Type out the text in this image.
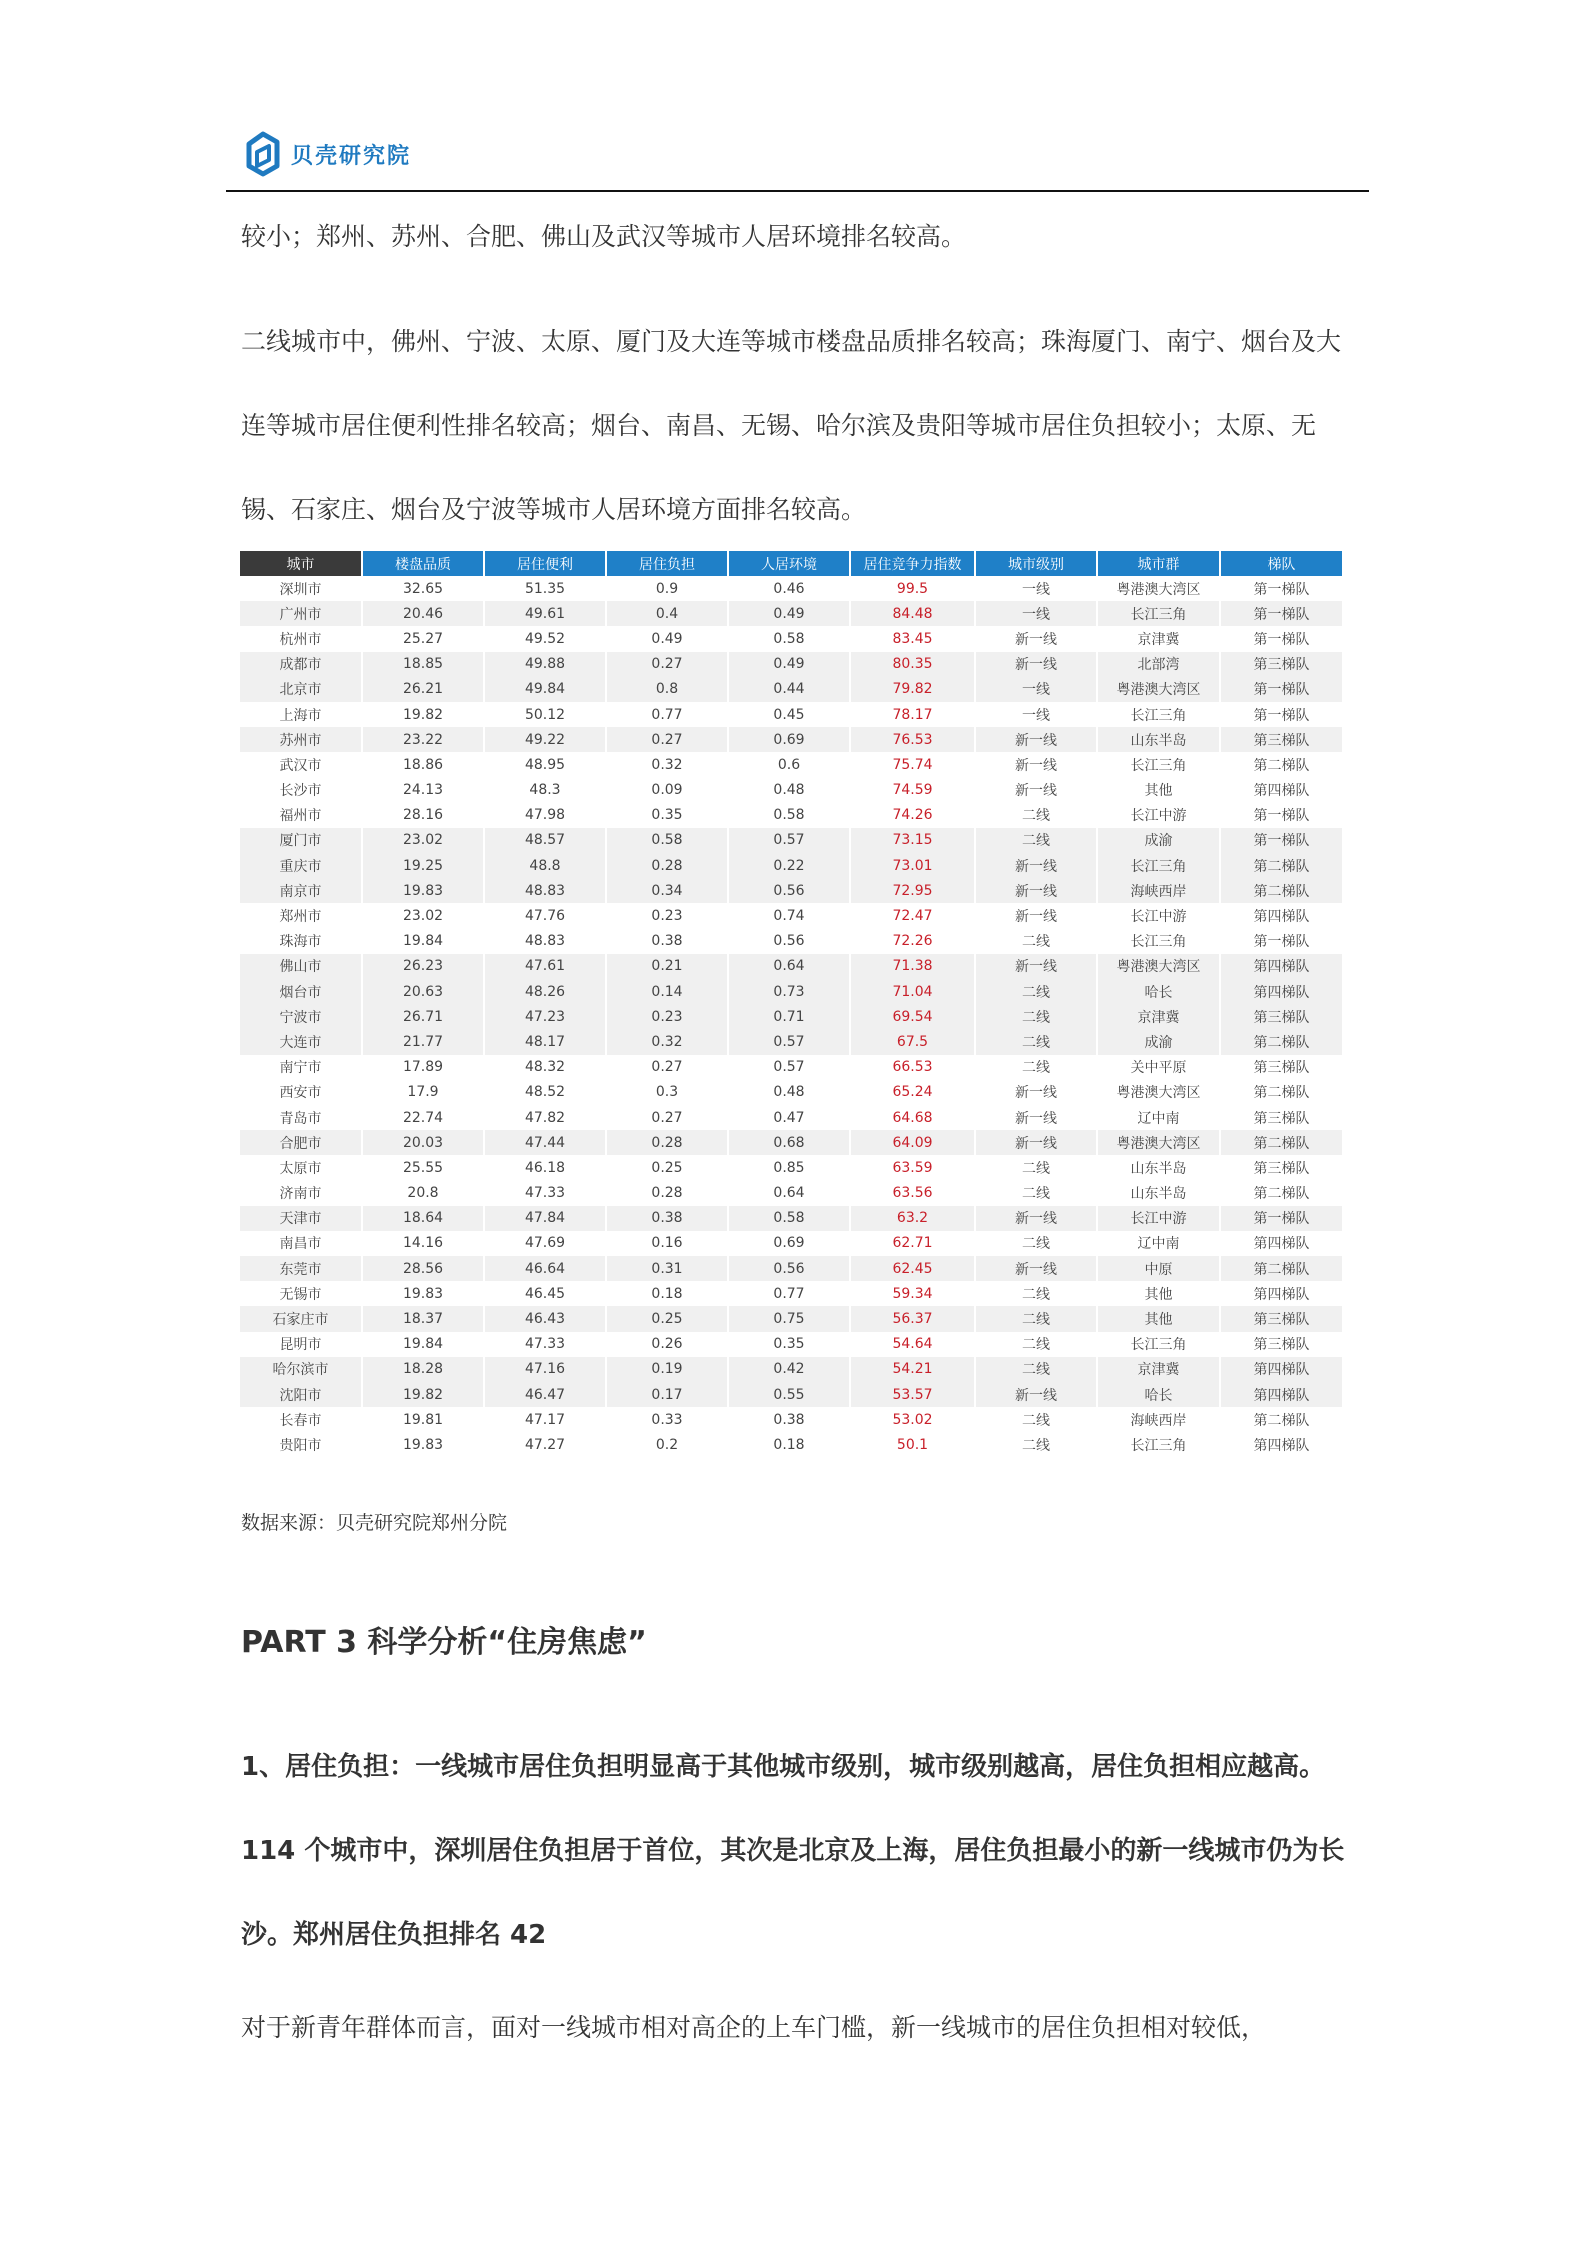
贝壳研究院
较小；郑州、苏州、合肥、佛山及武汉等城市人居环境排名较高。
二线城市中，佛州、宁波、太原、厦门及大连等城市楼盘品质排名较高；珠海厦门、南宁、烟台及大连等城市居住便利性排名较高；烟台、南昌、无锡、哈尔滨及贵阳等城市居住负担较小；太原、无锡、石家庄、烟台及宁波等城市人居环境方面排名较高。
城市	楼盘品质	居住便利	居住负担	人居环境	居住竞争力指数	城市级别	城市群	梯队
深圳市	32.65	51.35	0.9	0.46	99.5	一线	粤港澳大湾区	第一梯队
广州市	20.46	49.61	0.4	0.49	84.48	一线	长江三角	第一梯队
杭州市	25.27	49.52	0.49	0.58	83.45	新一线	京津冀	第一梯队
成都市	18.85	49.88	0.27	0.49	80.35	新一线	北部湾	第三梯队
北京市	26.21	49.84	0.8	0.44	79.82	一线	粤港澳大湾区	第一梯队
上海市	19.82	50.12	0.77	0.45	78.17	一线	长江三角	第一梯队
苏州市	23.22	49.22	0.27	0.69	76.53	新一线	山东半岛	第三梯队
武汉市	18.86	48.95	0.32	0.6	75.74	新一线	长江三角	第二梯队
长沙市	24.13	48.3	0.09	0.48	74.59	新一线	其他	第四梯队
福州市	28.16	47.98	0.35	0.58	74.26	二线	长江中游	第一梯队
厦门市	23.02	48.57	0.58	0.57	73.15	二线	成渝	第一梯队
重庆市	19.25	48.8	0.28	0.22	73.01	新一线	长江三角	第二梯队
南京市	19.83	48.83	0.34	0.56	72.95	新一线	海峡西岸	第二梯队
郑州市	23.02	47.76	0.23	0.74	72.47	新一线	长江中游	第四梯队
珠海市	19.84	48.83	0.38	0.56	72.26	二线	长江三角	第一梯队
佛山市	26.23	47.61	0.21	0.64	71.38	新一线	粤港澳大湾区	第四梯队
烟台市	20.63	48.26	0.14	0.73	71.04	二线	哈长	第四梯队
宁波市	26.71	47.23	0.23	0.71	69.54	二线	京津冀	第三梯队
大连市	21.77	48.17	0.32	0.57	67.5	二线	成渝	第二梯队
南宁市	17.89	48.32	0.27	0.57	66.53	二线	关中平原	第三梯队
西安市	17.9	48.52	0.3	0.48	65.24	新一线	粤港澳大湾区	第二梯队
青岛市	22.74	47.82	0.27	0.47	64.68	新一线	辽中南	第三梯队
合肥市	20.03	47.44	0.28	0.68	64.09	新一线	粤港澳大湾区	第二梯队
太原市	25.55	46.18	0.25	0.85	63.59	二线	山东半岛	第三梯队
济南市	20.8	47.33	0.28	0.64	63.56	二线	山东半岛	第二梯队
天津市	18.64	47.84	0.38	0.58	63.2	新一线	长江中游	第一梯队
南昌市	14.16	47.69	0.16	0.69	62.71	二线	辽中南	第四梯队
东莞市	28.56	46.64	0.31	0.56	62.45	新一线	中原	第二梯队
无锡市	19.83	46.45	0.18	0.77	59.34	二线	其他	第四梯队
石家庄市	18.37	46.43	0.25	0.75	56.37	二线	其他	第三梯队
昆明市	19.84	47.33	0.26	0.35	54.64	二线	长江三角	第三梯队
哈尔滨市	18.28	47.16	0.19	0.42	54.21	二线	京津冀	第四梯队
沈阳市	19.82	46.47	0.17	0.55	53.57	新一线	哈长	第四梯队
长春市	19.81	47.17	0.33	0.38	53.02	二线	海峡西岸	第二梯队
贵阳市	19.83	47.27	0.2	0.18	50.1	二线	长江三角	第四梯队
数据来源：贝壳研究院郑州分院
PART 3 科学分析“住房焦虑”
1、居住负担：一线城市居住负担明显高于其他城市级别，城市级别越高，居住负担相应越高。114 个城市中，深圳居住负担居于首位，其次是北京及上海，居住负担最小的新一线城市仍为长沙。郑州居住负担排名 42
对于新青年群体而言，面对一线城市相对高企的上车门槛，新一线城市的居住负担相对较低，
